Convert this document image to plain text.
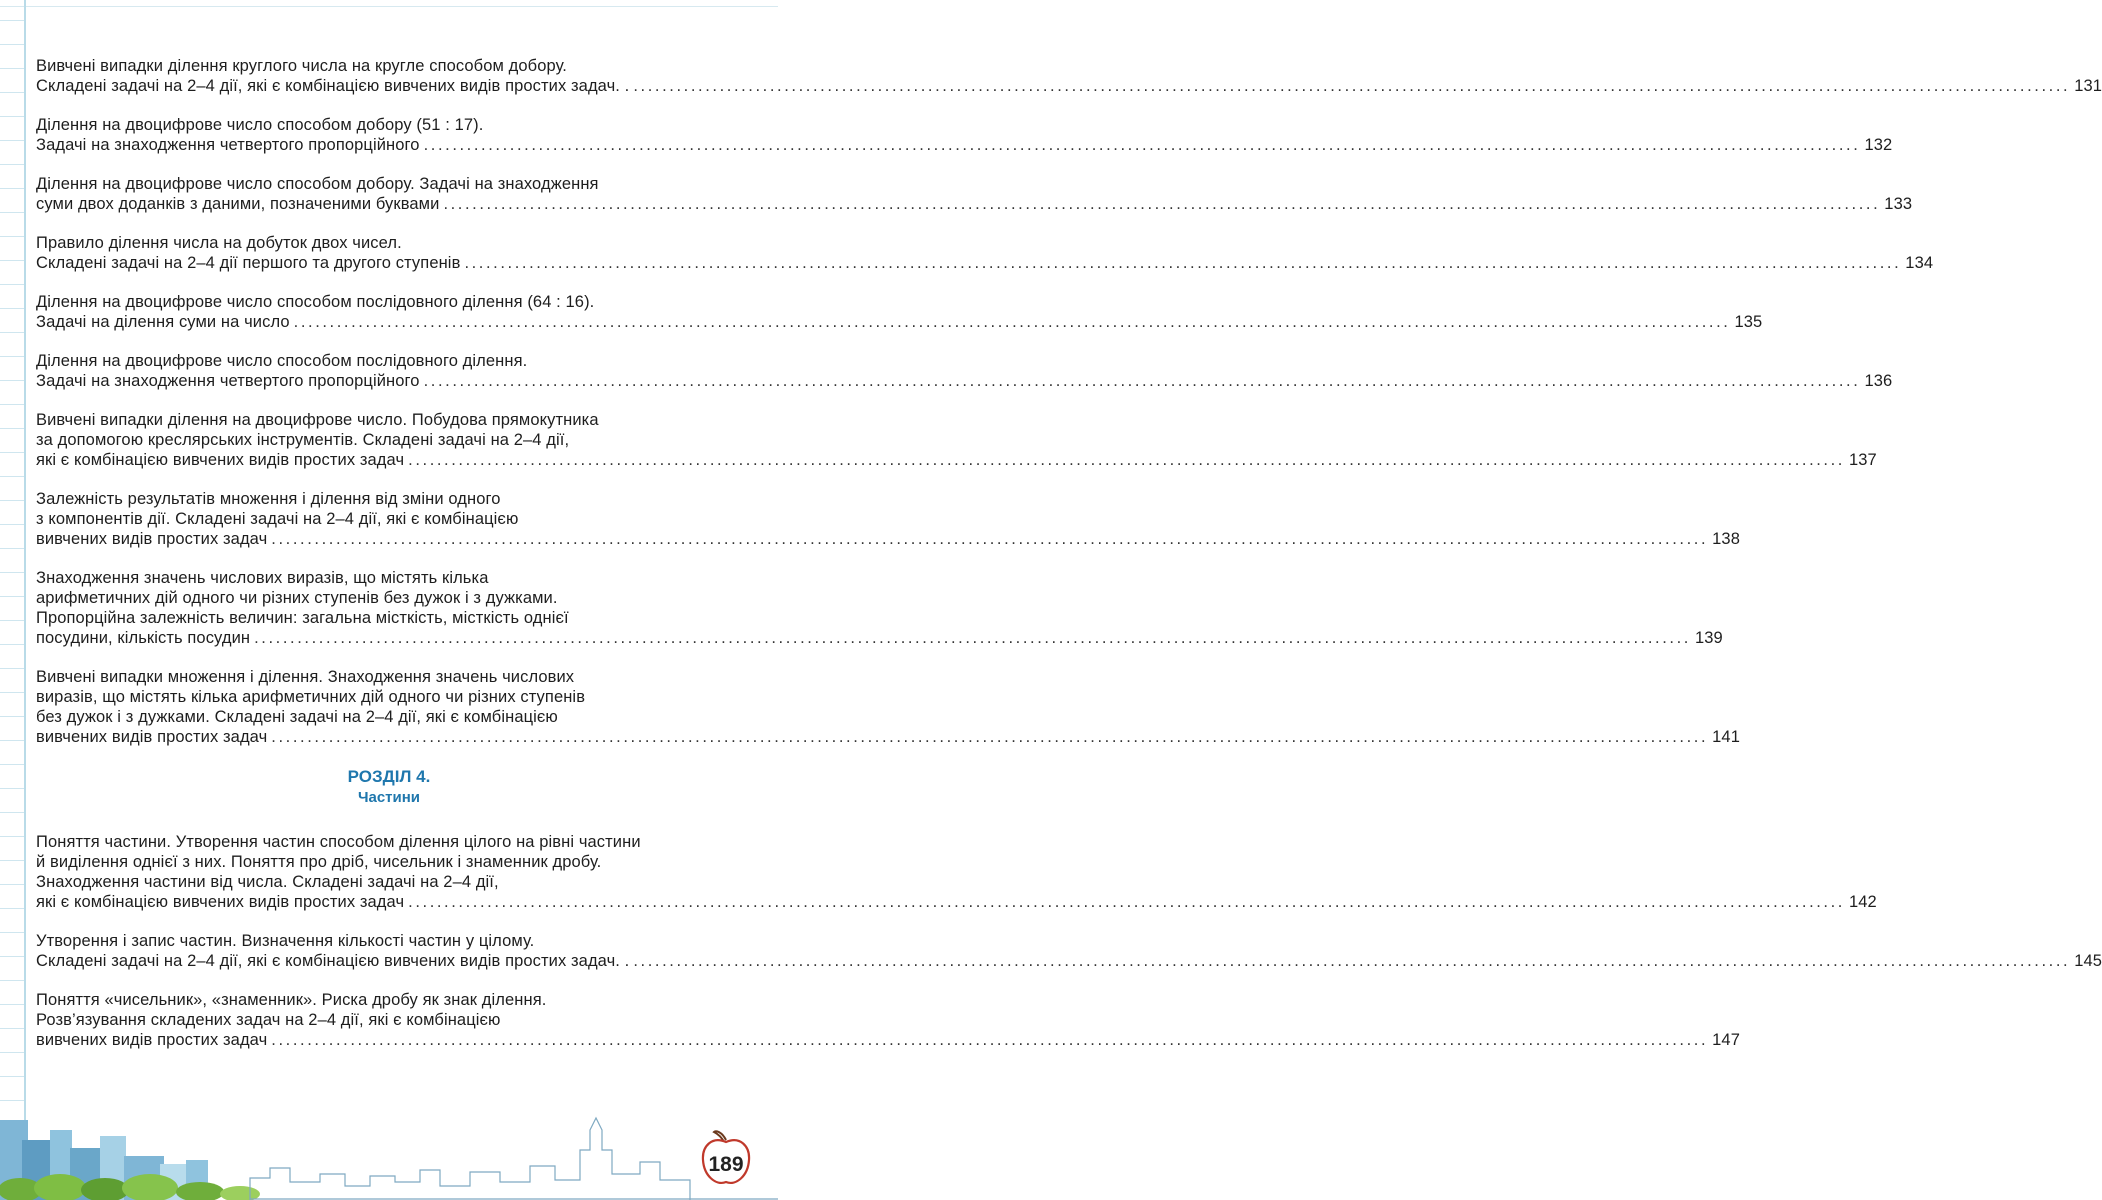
Вивчені випадки ділення круглого числа на круглe способом добору.
Складені задачі на 2–4 дії, які є комбінацією вивчених видів простих задач. . ........................................................................................................................................................................................................ 131
Ділення на двоцифрове число способом добору (51 : 17).
Задачі на знаходження четвертого пропорційного ........................................................................................................................................................................................................ 132
Ділення на двоцифрове число способом добору. Задачі на знаходження
суми двох доданків з даними, позначеними буквами ........................................................................................................................................................................................................ 133
Правило ділення числа на добуток двох чисел.
Складені задачі на 2–4 дії першого та другого ступенів ........................................................................................................................................................................................................ 134
Ділення на двоцифрове число способом послідовного ділення (64 : 16).
Задачі на ділення суми на число ........................................................................................................................................................................................................ 135
Ділення на двоцифрове число способом послідовного ділення.
Задачі на знаходження четвертого пропорційного ........................................................................................................................................................................................................ 136
Вивчені випадки ділення на двоцифрове число. Побудова прямокутника
за допомогою креслярських інструментів. Складені задачі на 2–4 дії,
які є комбінацією вивчених видів простих задач ........................................................................................................................................................................................................ 137
Залежність результатів множення і ділення від зміни одного
з компонентів дії. Складені задачі на 2–4 дії, які є комбінацією
вивчених видів простих задач ........................................................................................................................................................................................................ 138
Знаходження значень числових виразів, що містять кілька
арифметичних дій одного чи різних ступенів без дужок і з дужками.
Пропорційна залежність величин: загальна місткість, місткість однієї
посудини, кількість посудин ........................................................................................................................................................................................................ 139
Вивчені випадки множення і ділення. Знаходження значень числових
виразів, що містять кілька арифметичних дій одного чи різних ступенів
без дужок і з дужками. Складені задачі на 2–4 дії, які є комбінацією
вивчених видів простих задач ........................................................................................................................................................................................................ 141
РОЗДІЛ 4.
Частини
Поняття частини. Утворення частин способом ділення цілого на рівні частини
й виділення однієї з них. Поняття про дріб, чисельник і знаменник дробу.
Знаходження частини від числа. Складені задачі на 2–4 дії,
які є комбінацією вивчених видів простих задач ........................................................................................................................................................................................................ 142
Утворення і запис частин. Визначення кількості частин у цілому.
Складені задачі на 2–4 дії, які є комбінацією вивчених видів простих задач. . ........................................................................................................................................................................................................ 145
Поняття «чисельник», «знаменник». Риска дробу як знак ділення.
Розв’язування складених задач на 2–4 дії, які є комбінацією
вивчених видів простих задач ........................................................................................................................................................................................................ 147
189
